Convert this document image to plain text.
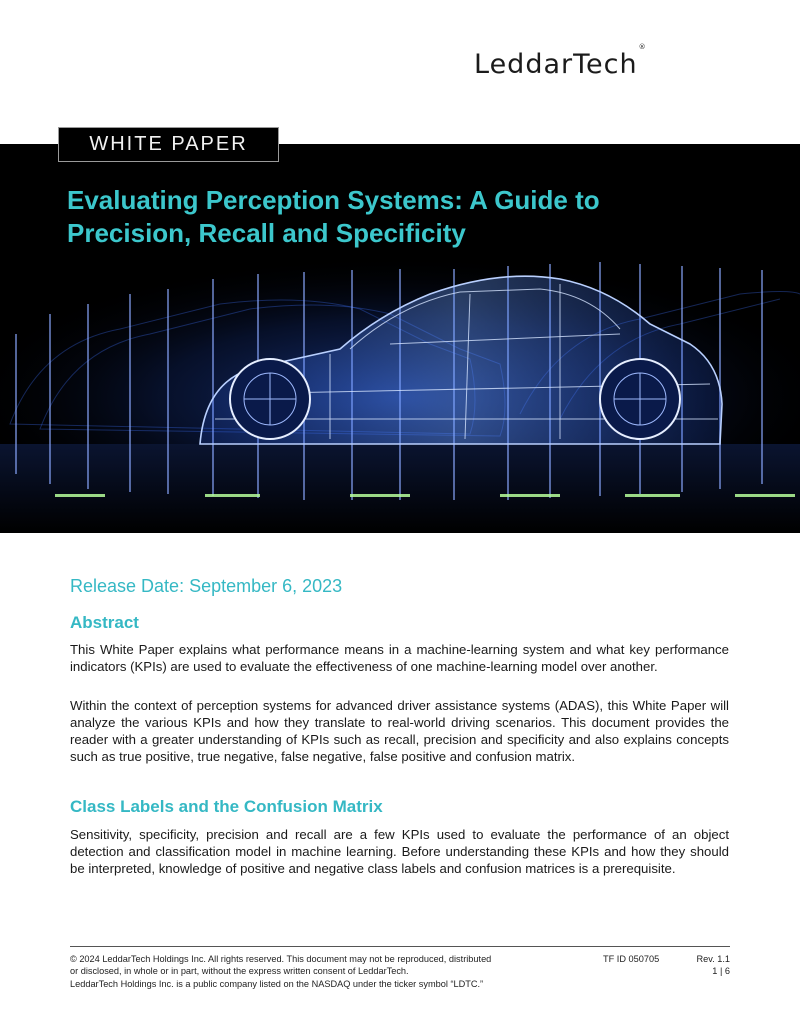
LeddarTech®
WHITE PAPER
Evaluating Perception Systems: A Guide to
Precision, Recall and Specificity

Release Date: September 6, 2023

Abstract

This White Paper explains what performance means in a machine-learning system and what key performance indicators (KPIs) are used to evaluate the effectiveness of one machine-learning model over another.

Within the context of perception systems for advanced driver assistance systems (ADAS), this White Paper will analyze the various KPIs and how they translate to real-world driving scenarios. This document provides the reader with a greater understanding of KPIs such as recall, precision and specificity and also explains concepts such as true positive, true negative, false negative, false positive and confusion matrix.

Class Labels and the Confusion Matrix

Sensitivity, specificity, precision and recall are a few KPIs used to evaluate the performance of an object detection and classification model in machine learning. Before understanding these KPIs and how they should be interpreted, knowledge of positive and negative class labels and confusion matrices is a prerequisite.

© 2024 LeddarTech Holdings Inc. All rights reserved. This document may not be reproduced, distributed

or disclosed, in whole or in part, without the express written consent of LeddarTech.

LeddarTech Holdings Inc. is a public company listed on the NASDAQ under the ticker symbol “LDTC.”

TF ID 050705	Rev. 1.1

1 | 6
